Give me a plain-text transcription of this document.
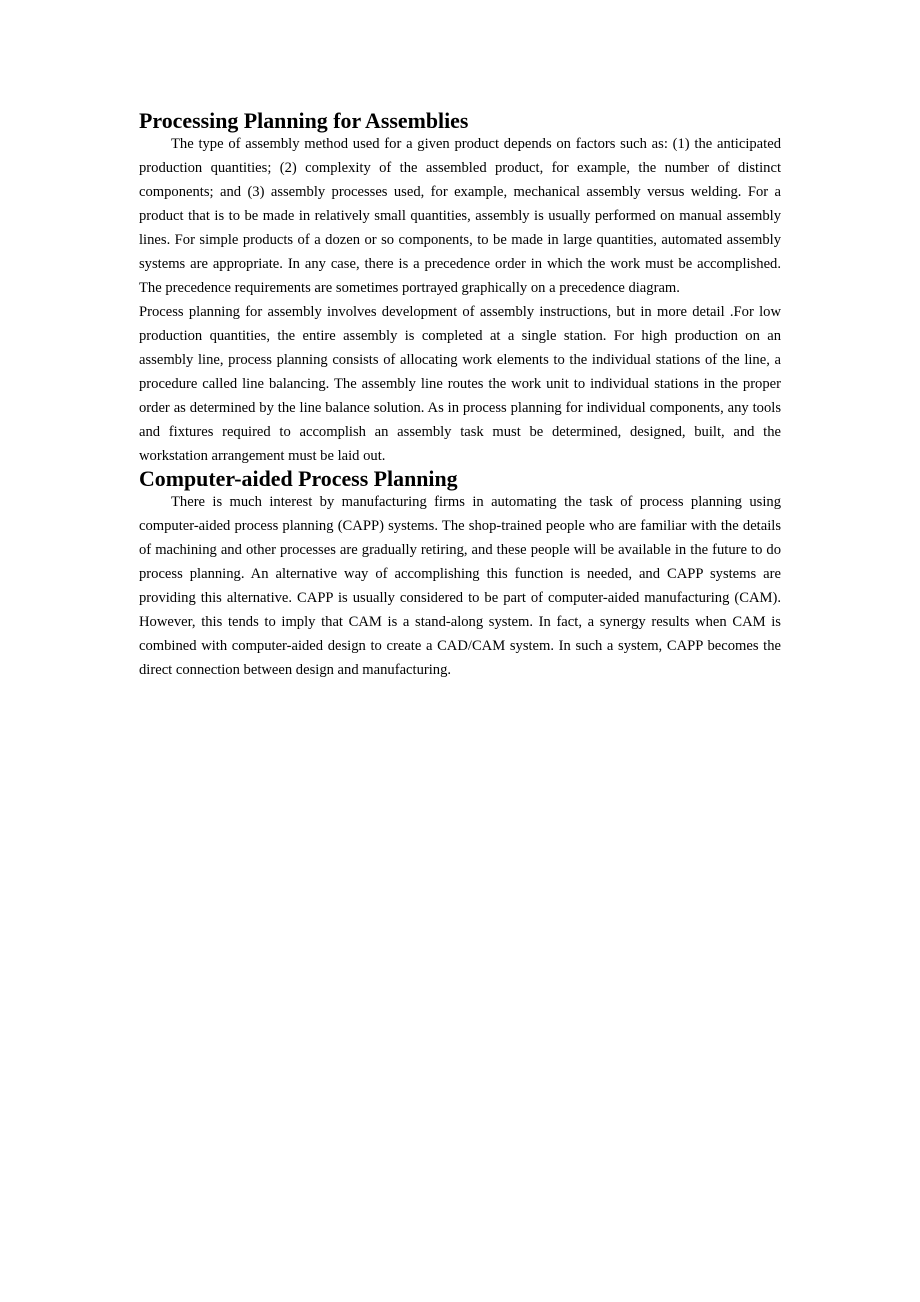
Processing Planning for Assemblies

The type of assembly method used for a given product depends on factors such as: (1) the anticipated production quantities; (2) complexity of the assembled product, for example, the number of distinct components; and (3) assembly processes used, for example, mechanical assembly versus welding. For a product that is to be made in relatively small quantities, assembly is usually performed on manual assembly lines. For simple products of a dozen or so components, to be made in large quantities, automated assembly systems are appropriate. In any case, there is a precedence order in which the work must be accomplished. The precedence requirements are sometimes portrayed graphically on a precedence diagram.

Process planning for assembly involves development of assembly instructions, but in more detail .For low production quantities, the entire assembly is completed at a single station. For high production on an assembly line, process planning consists of allocating work elements to the individual stations of the line, a procedure called line balancing. The assembly line routes the work unit to individual stations in the proper order as determined by the line balance solution. As in process planning for individual components, any tools and fixtures required to accomplish an assembly task must be determined, designed, built, and the workstation arrangement must be laid out.

Computer-aided Process Planning

There is much interest by manufacturing firms in automating the task of process planning using computer-aided process planning (CAPP) systems. The shop-trained people who are familiar with the details of machining and other processes are gradually retiring, and these people will be available in the future to do process planning. An alternative way of accomplishing this function is needed, and CAPP systems are providing this alternative. CAPP is usually considered to be part of computer-aided manufacturing (CAM). However, this tends to imply that CAM is a stand-along system. In fact, a synergy results when CAM is combined with computer-aided design to create a CAD/CAM system. In such a system, CAPP becomes the direct connection between design and manufacturing.
